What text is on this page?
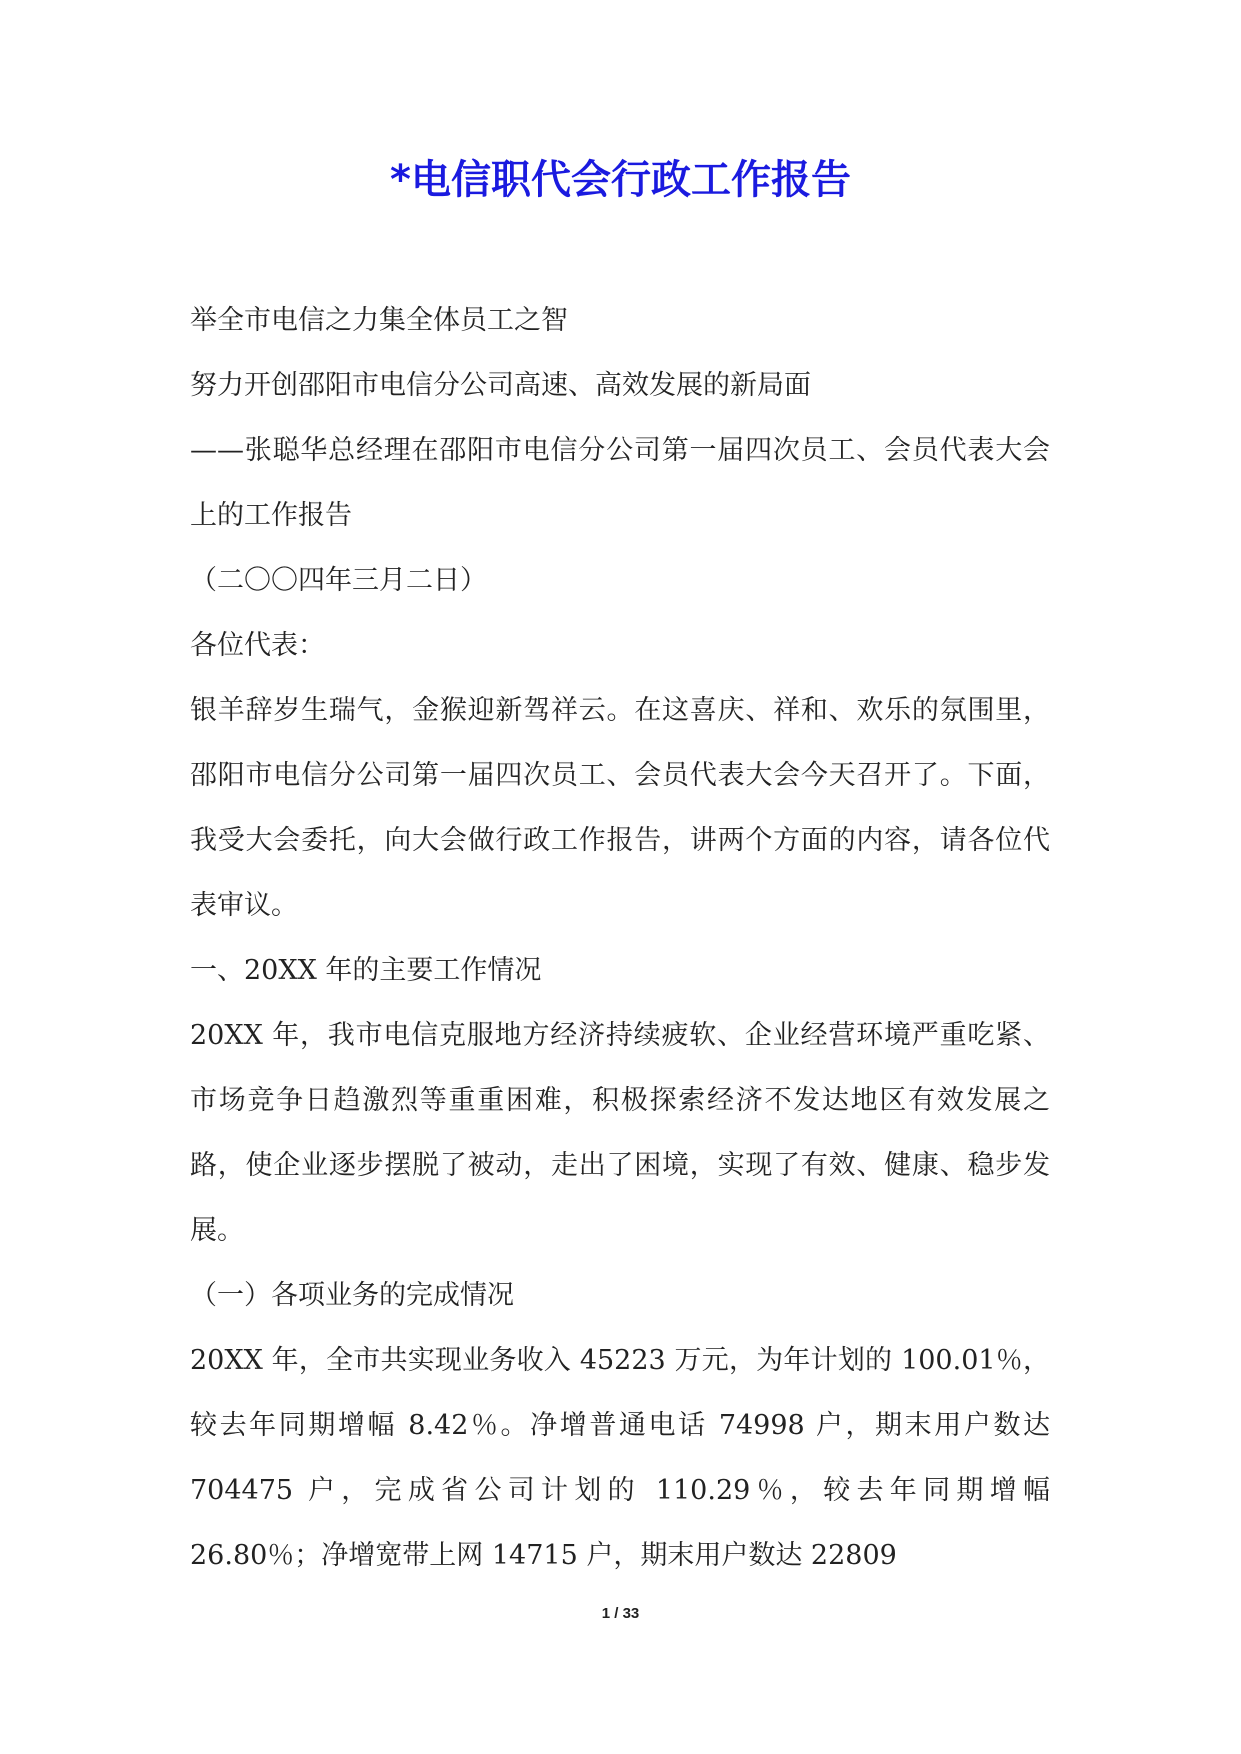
*电信职代会行政工作报告

举全市电信之力集全体员工之智

努力开创邵阳市电信分公司高速、高效发展的新局面

——张聪华总经理在邵阳市电信分公司第一届四次员工、会员代表大会上的工作报告

（二〇〇四年三月二日）

各位代表：

银羊辞岁生瑞气，金猴迎新驾祥云。在这喜庆、祥和、欢乐的氛围里，邵阳市电信分公司第一届四次员工、会员代表大会今天召开了。下面，我受大会委托，向大会做行政工作报告，讲两个方面的内容，请各位代表审议。

一、20XX 年的主要工作情况

20XX 年，我市电信克服地方经济持续疲软、企业经营环境严重吃紧、市场竞争日趋激烈等重重困难，积极探索经济不发达地区有效发展之路，使企业逐步摆脱了被动，走出了困境，实现了有效、健康、稳步发展。

（一）各项业务的完成情况

20XX 年，全市共实现业务收入 45223 万元，为年计划的 100.01％，较去年同期增幅 8.42％。净增普通电话 74998 户，期末用户数达 704475 户，完成省公司计划的 110.29％，较去年同期增幅 26.80％；净增宽带上网 14715 户，期末用户数达 22809

1 / 33
